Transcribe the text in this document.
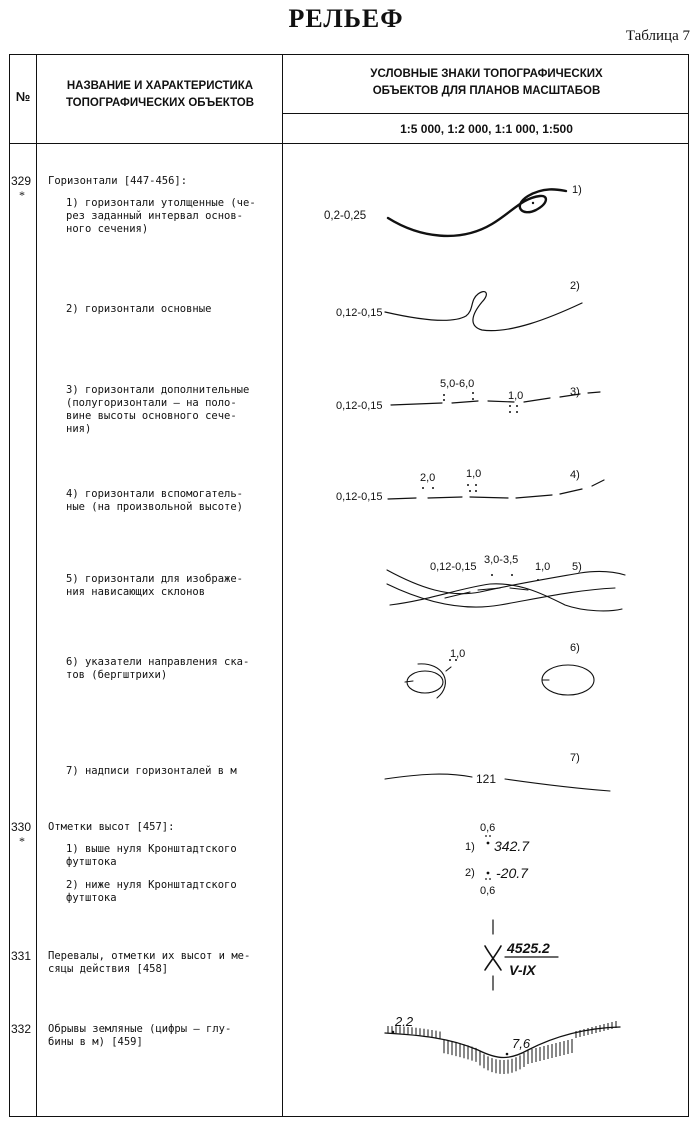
РЕЛЬЕФ
Таблица 7
№
НАЗВАНИЕ И ХАРАКТЕРИСТИКА
ТОПОГРАФИЧЕСКИХ ОБЪЕКТОВ
УСЛОВНЫЕ ЗНАКИ ТОПОГРАФИЧЕСКИХ
ОБЪЕКТОВ ДЛЯ ПЛАНОВ МАСШТАБОВ
1:5 000, 1:2 000, 1:1 000, 1:500
329
*
330
*
331
332
Горизонтали [447-456]:
1) горизонтали утолщенные (че-
рез заданный интервал основ-
ного сечения)
2) горизонтали основные
3) горизонтали дополнительные
(полугоризонтали — на поло-
вине высоты основного сече-
ния)
4) горизонтали вспомогатель-
ные (на произвольной высоте)
5) горизонтали для изображе-
ния нависающих склонов
6) указатели направления ска-
тов (бергштрихи)
7) надписи горизонталей в м
Отметки высот [457]:
1) выше нуля Кронштадтского
футштока
2) ниже нуля Кронштадтского
футштока
Перевалы, отметки их высот и ме-
сяцы действия [458]
Обрывы земляные (цифры — глу-
бины в м) [459]
1)
0,2-0,25
2)
0,12-0,15
3)
0,12-0,15
5,0-6,0
1,0
4)
0,12-0,15
2,0	1,0
5)
0,12-0,15
3,0-3,5
1,0
6)
1,0
7)
121
0,6
1) 342.7
2) -20.7
0,6
4525.2
V-IX
2.2
7,6
